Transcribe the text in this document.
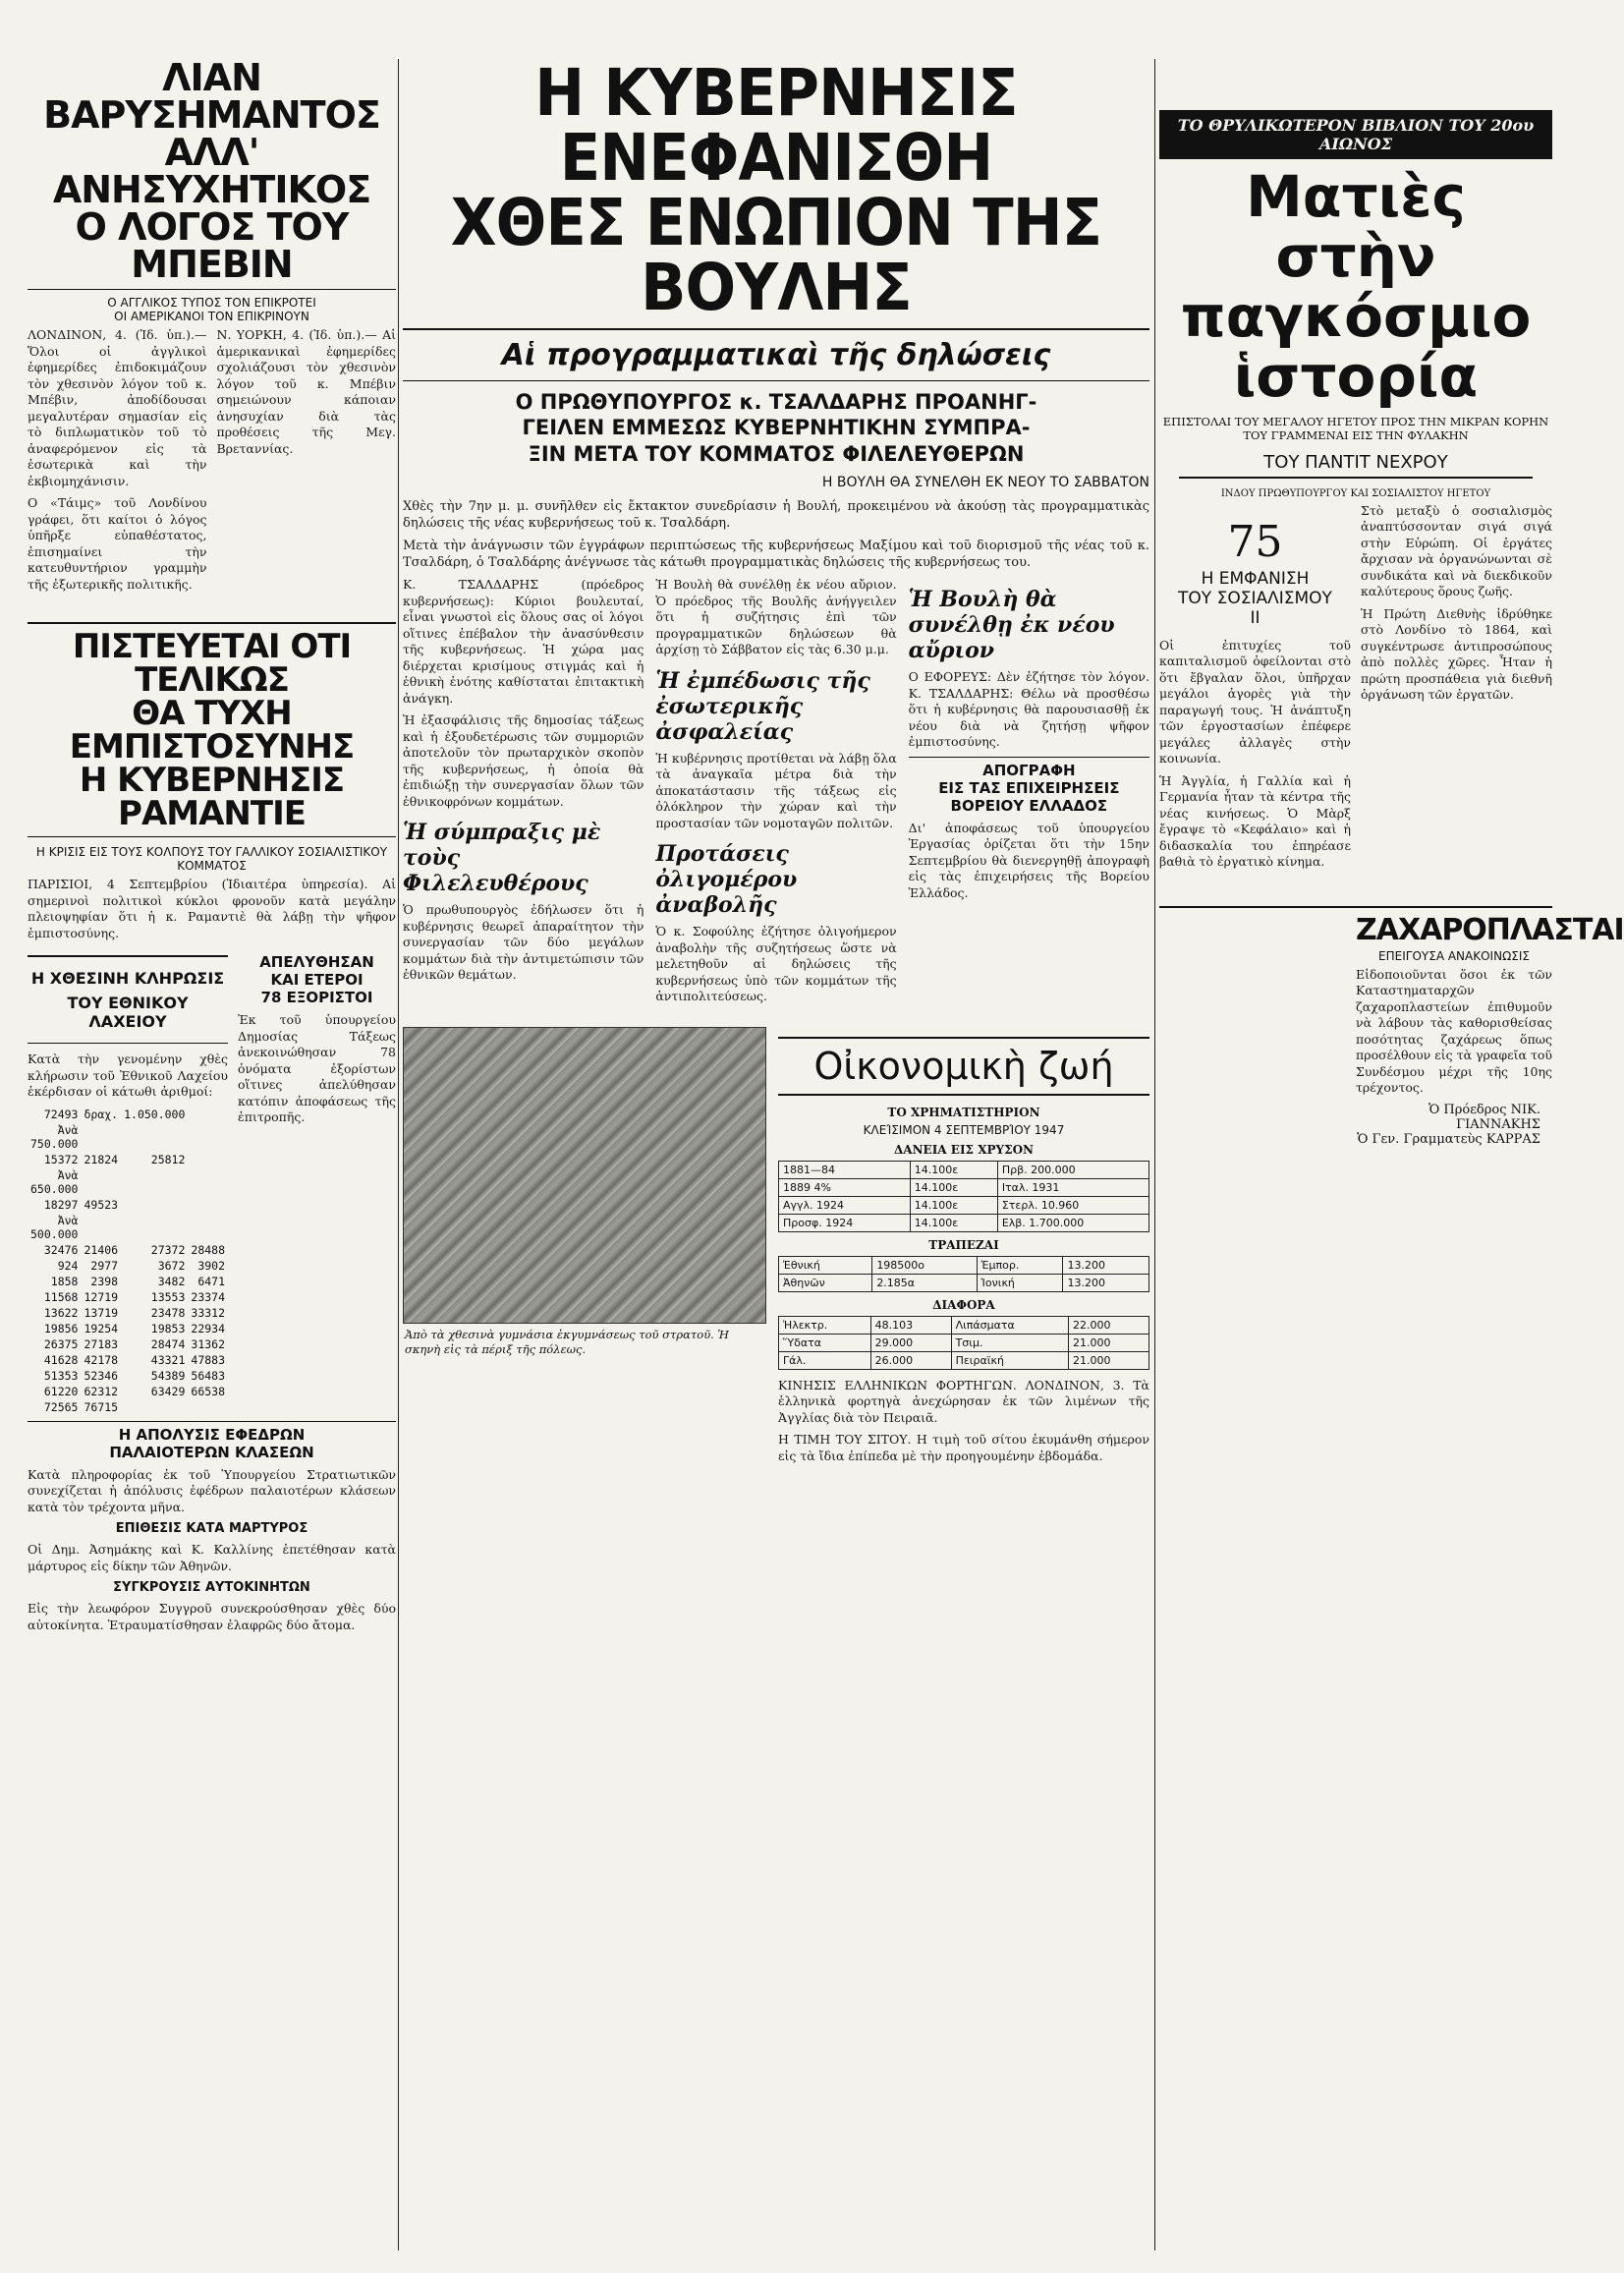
ΛΙΑΝ ΒΑΡΥΣΗΜΑΝΤΟΣ
ΑΛΛ' ΑΝΗΣΥΧΗΤΙΚΟΣ
Ο ΛΟΓΟΣ ΤΟΥ ΜΠΕΒΙΝ
Ο ΑΓΓΛΙΚΟΣ ΤΥΠΟΣ ΤΟΝ ΕΠΙΚΡΟΤΕΙ
ΟΙ ΑΜΕΡΙΚΑΝΟΙ ΤΟΝ ΕΠΙΚΡΙΝΟΥΝ

ΛΟΝΔΙΝΟΝ, 4. (Ἰδ. ὑπ.).— Ὅλοι οἱ ἀγγλικοὶ ἐφημερίδες ἐπιδοκιμάζουν τὸν χθεσινὸν λόγον τοῦ κ. Μπέβιν, ἀποδίδουσαι μεγαλυτέραν σημασίαν εἰς τὸ διπλωματικὸν τοῦ τὸ ἀναφερόμενον εἰς τὰ ἐσωτερικὰ καὶ τὴν ἐκβιομηχάνισιν.

Ο «Τάιμς» τοῦ Λονδίνου γράφει, ὅτι καίτοι ὁ λόγος ὑπῆρξε εὐπαθέστατος, ἐπισημαίνει τὴν κατευθυντήριον γραμμὴν τῆς ἐξωτερικῆς πολιτικῆς.

Ν. ΥΟΡΚΗ, 4. (Ἰδ. ὑπ.).— Αἱ ἀμερικανικαὶ ἐφημερίδες σχολιάζουσι τὸν χθεσινὸν λόγον τοῦ κ. Μπέβιν σημειώνουν κάποιαν ἀνησυχίαν διὰ τὰς προθέσεις τῆς Μεγ. Βρεταννίας.

ΠΙΣΤΕΥΕΤΑΙ ΟΤΙ ΤΕΛΙΚΩΣ
ΘΑ ΤΥΧΗ ΕΜΠΙΣΤΟΣΥΝΗΣ
Η ΚΥΒΕΡΝΗΣΙΣ ΡΑΜΑΝΤΙΕ
Η ΚΡΙΣΙΣ ΕΙΣ ΤΟΥΣ ΚΟΛΠΟΥΣ ΤΟΥ ΓΑΛΛΙΚΟΥ ΣΟΣΙΑΛΙΣΤΙΚΟΥ ΚΟΜΜΑΤΟΣ

ΠΑΡΙΣΙΟΙ, 4 Σεπτεμβρίου (Ἰδιαιτέρα ὑπηρεσία). Αἱ σημερινοὶ πολιτικοὶ κύκλοι φρονοῦν κατὰ μεγάλην πλειοψηφίαν ὅτι ἡ κ. Ραμαντιὲ θὰ λάβῃ τὴν ψῆφον ἐμπιστοσύνης.

Η ΧΘΕΣΙΝΗ ΚΛΗΡΩΣΙΣ
ΤΟΥ ΕΘΝΙΚΟΥ ΛΑΧΕΙΟΥ

Κατὰ τὴν γενομένην χθὲς κλήρωσιν τοῦ Ἐθνικοῦ Λαχείου ἐκέρδισαν οἱ κάτωθι ἀριθμοί:

72493	δραχ.	1.050.000	
Ἀνὰ 750.000			
15372	21824	25812	
Ἀνὰ 650.000			
18297	49523		
Ἀνὰ 500.000			
32476	21406	27372	28488
924	2977	3672	3902
1858	2398	3482	6471
11568	12719	13553	23374
13622	13719	23478	33312
19856	19254	19853	22934
26375	27183	28474	31362
41628	42178	43321	47883
51353	52346	54389	56483
61220	62312	63429	66538
72565	76715		
ΑΠΕΛΥΘΗΣΑΝ
ΚΑΙ ΕΤΕΡΟΙ
78 ΕΞΟΡΙΣΤΟΙ

Ἐκ τοῦ ὑπουργείου Δημοσίας Τάξεως ἀνεκοινώθησαν 78 ὀνόματα ἐξορίστων οἵτινες ἀπελύθησαν κατόπιν ἀποφάσεως τῆς ἐπιτροπῆς.

Η ΑΠΟΛΥΣΙΣ ΕΦΕΔΡΩΝ
ΠΑΛΑΙΟΤΕΡΩΝ ΚΛΑΣΕΩΝ

Κατὰ πληροφορίας ἐκ τοῦ Ὑπουργείου Στρατιωτικῶν συνεχίζεται ἡ ἀπόλυσις ἐφέδρων παλαιοτέρων κλάσεων κατὰ τὸν τρέχοντα μῆνα.

ΕΠΙΘΕΣΙΣ ΚΑΤΑ ΜΑΡΤΥΡΟΣ

Οἱ Δημ. Ἀσημάκης καὶ Κ. Καλλίνης ἐπετέθησαν κατὰ μάρτυρος εἰς δίκην τῶν Ἀθηνῶν.

ΣΥΓΚΡΟΥΣΙΣ ΑΥΤΟΚΙΝΗΤΩΝ

Εἰς τὴν λεωφόρον Συγγροῦ συνεκρούσθησαν χθὲς δύο αὐτοκίνητα. Ἐτραυματίσθησαν ἐλαφρῶς δύο ἄτομα.

Η ΚΥΒΕΡΝΗΣΙΣ ΕΝΕΦΑΝΙΣΘΗ
ΧΘΕΣ ΕΝΩΠΙΟΝ ΤΗΣ ΒΟΥΛΗΣ
Αἱ προγραμματικαὶ τῆς δηλώσεις
Ο ΠΡΩΘΥΠΟΥΡΓΟΣ κ. ΤΣΑΛΔΑΡΗΣ ΠΡΟΑΝΗΓ-
ΓΕΙΛΕΝ ΕΜΜΕΣΩΣ ΚΥΒΕΡΝΗΤΙΚΗΝ ΣΥΜΠΡΑ-
ΞΙΝ ΜΕΤΑ ΤΟΥ ΚΟΜΜΑΤΟΣ ΦΙΛΕΛΕΥΘΕΡΩΝ
Η ΒΟΥΛΗ ΘΑ ΣΥΝΕΛΘΗ ΕΚ ΝΕΟΥ ΤΟ ΣΑΒΒΑΤΟΝ

Χθὲς τὴν 7ην μ. μ. συνῆλθεν εἰς ἔκτακτον συνεδρίασιν ἡ Βουλή, προκειμένου νὰ ἀκούσῃ τὰς προγραμματικὰς δηλώσεις τῆς νέας κυβερνήσεως τοῦ κ. Τσαλδάρη.

Μετὰ τὴν ἀνάγνωσιν τῶν ἐγγράφων περιπτώσεως τῆς κυβερνήσεως Μαξίμου καὶ τοῦ διορισμοῦ τῆς νέας τοῦ κ. Τσαλδάρη, ὁ Τσαλδάρης ἀνέγνωσε τὰς κάτωθι προγραμματικὰς δηλώσεις τῆς κυβερνήσεως του.

Κ. ΤΣΑΛΔΑΡΗΣ (πρόεδρος κυβερνήσεως): Κύριοι βουλευταί, εἶναι γνωστοὶ εἰς ὅλους σας οἱ λόγοι οἵτινες ἐπέβαλον τὴν ἀνασύνθεσιν τῆς κυβερνήσεως. Ἡ χώρα μας διέρχεται κρισίμους στιγμάς καὶ ἡ ἐθνικὴ ἐνότης καθίσταται ἐπιτακτικὴ ἀνάγκη.

Ἡ ἐξασφάλισις τῆς δημοσίας τάξεως καὶ ἡ ἐξουδετέρωσις τῶν συμμοριῶν ἀποτελοῦν τὸν πρωταρχικὸν σκοπὸν τῆς κυβερνήσεως, ἡ ὁποία θὰ ἐπιδιώξῃ τὴν συνεργασίαν ὅλων τῶν ἐθνικοφρόνων κομμάτων.

Ἡ σύμπραξις μὲ τοὺς Φιλελευθέρους

Ὁ πρωθυπουργὸς ἐδήλωσεν ὅτι ἡ κυβέρνησις θεωρεῖ ἀπαραίτητον τὴν συνεργασίαν τῶν δύο μεγάλων κομμάτων διὰ τὴν ἀντιμετώπισιν τῶν ἐθνικῶν θεμάτων.

Ἡ Βουλὴ θὰ συνέλθῃ ἐκ νέου αὔριον. Ὁ πρόεδρος τῆς Βουλῆς ἀνήγγειλεν ὅτι ἡ συζήτησις ἐπὶ τῶν προγραμματικῶν δηλώσεων θὰ ἀρχίσῃ τὸ Σάββατον εἰς τὰς 6.30 μ.μ.

Ἡ ἐμπέδωσις τῆς ἐσωτερικῆς ἀσφαλείας

Ἡ κυβέρνησις προτίθεται νὰ λάβῃ ὅλα τὰ ἀναγκαῖα μέτρα διὰ τὴν ἀποκατάστασιν τῆς τάξεως εἰς ὁλόκληρον τὴν χώραν καὶ τὴν προστασίαν τῶν νομοταγῶν πολιτῶν.

Προτάσεις ὀλιγομέρου ἀναβολῆς

Ὁ κ. Σοφούλης ἐζήτησε ὀλιγοήμερον ἀναβολὴν τῆς συζητήσεως ὥστε νὰ μελετηθοῦν αἱ δηλώσεις τῆς κυβερνήσεως ὑπὸ τῶν κομμάτων τῆς ἀντιπολιτεύσεως.

Ἡ Βουλὴ θὰ συνέλθῃ ἐκ νέου αὔριον

Ο ΕΦΟΡΕΥΣ: Δὲν ἐζήτησε τὸν λόγον. Κ. ΤΣΑΛΔΑΡΗΣ: Θέλω νὰ προσθέσω ὅτι ἡ κυβέρνησις θὰ παρουσιασθῇ ἐκ νέου διὰ νὰ ζητήσῃ ψῆφον ἐμπιστοσύνης.

ΑΠΟΓΡΑΦΗ
ΕΙΣ ΤΑΣ ΕΠΙΧΕΙΡΗΣΕΙΣ
ΒΟΡΕΙΟΥ ΕΛΛΑΔΟΣ

Δι' ἀποφάσεως τοῦ ὑπουργείου Ἐργασίας ὁρίζεται ὅτι τὴν 15ην Σεπτεμβρίου θὰ διενεργηθῇ ἀπογραφὴ εἰς τὰς ἐπιχειρήσεις τῆς Βορείου Ἑλλάδος.

Ἀπὸ τὰ χθεσινὰ γυμνάσια ἐκγυμνάσεως τοῦ στρατοῦ. Ἡ σκηνὴ εἰς τὰ πέριξ τῆς πόλεως.
Οἰκονομικὴ ζωή
ΤΟ ΧΡΗΜΑΤΙΣΤΗΡΙΟΝ
ΚΛΕΊΣΙΜΟΝ 4 ΣΕΠΤΕΜΒΡΊΟΥ 1947
ΔΑΝΕΙΑ ΕΙΣ ΧΡΥΣΟΝ
1881—84	14.100ε	Πρβ. 200.000
1889 4%	14.100ε	Ιταλ. 1931
Αγγλ. 1924	14.100ε	Στερλ. 10.960
Προσφ. 1924	14.100ε	Ελβ. 1.700.000
ΤΡΑΠΕΖΑΙ
Ἐθνική	198500ο	Ἐμπορ.	13.200
Ἀθηνῶν	2.185α	Ἰονική	13.200
ΔΙΑΦΟΡΑ
Ἠλεκτρ.	48.103	Λιπάσματα	22.000
Ὕδατα	29.000	Τσιμ.	21.000
Γάλ.	26.000	Πειραϊκή	21.000

ΚΙΝΗΣΙΣ ΕΛΛΗΝΙΚΩΝ ΦΟΡΤΗΓΩΝ. ΛΟΝΔΙΝΟΝ, 3. Τὰ ἑλληνικὰ φορτηγὰ ἀνεχώρησαν ἐκ τῶν λιμένων τῆς Ἀγγλίας διὰ τὸν Πειραιᾶ.

Η ΤΙΜΗ ΤΟΥ ΣΙΤΟΥ. Η τιμὴ τοῦ σίτου ἐκυμάνθη σήμερον εἰς τὰ ἴδια ἐπίπεδα μὲ τὴν προηγουμένην ἑβδομάδα.

ΤΟ ΘΡΥΛΙΚΩΤΕΡΟΝ ΒΙΒΛΙΟΝ ΤΟΥ 20ου ΑΙΩΝΟΣ
Ματιὲς στὴν
παγκόσμιο
ἱστορία
ΕΠΙΣΤΟΛΑΙ ΤΟΥ ΜΕΓΑΛΟΥ ΗΓΕΤΟΥ ΠΡΟΣ ΤΗΝ ΜΙΚΡΑΝ ΚΟΡΗΝ ΤΟΥ ΓΡΑΜΜΕΝΑΙ ΕΙΣ ΤΗΝ ΦΥΛΑΚΗΝ
ΤΟΥ ΠΑΝΤΙΤ ΝΕΧΡΟΥ
ΙΝΔΟΥ ΠΡΩΘΥΠΟΥΡΓΟΥ ΚΑΙ ΣΟΣΙΑΛΙΣΤΟΥ ΗΓΕΤΟΥ
75
Η ΕΜΦΑΝΙΣΗ
ΤΟΥ ΣΟΣΙΑΛΙΣΜΟΥ
ΙΙ

Οἱ ἐπιτυχίες τοῦ καπιταλισμοῦ ὀφείλονται στὸ ὅτι ἔβγαλαν ὅλοι, ὑπῆρχαν μεγάλοι ἀγορὲς γιὰ τὴν παραγωγή τους. Ἡ ἀνάπτυξη τῶν ἐργοστασίων ἐπέφερε μεγάλες ἀλλαγὲς στὴν κοινωνία.

Ἡ Ἀγγλία, ἡ Γαλλία καὶ ἡ Γερμανία ἦταν τὰ κέντρα τῆς νέας κινήσεως. Ὁ Μὰρξ ἔγραψε τὸ «Κεφάλαιο» καὶ ἡ διδασκαλία του ἐπηρέασε βαθιὰ τὸ ἐργατικὸ κίνημα.

Στὸ μεταξὺ ὁ σοσιαλισμὸς ἀναπτύσσονταν σιγά σιγά στὴν Εὐρώπη. Οἱ ἐργάτες ἄρχισαν νὰ ὀργανώνωνται σὲ συνδικάτα καὶ νὰ διεκδικοῦν καλύτερους ὅρους ζωῆς.

Ἡ Πρώτη Διεθνὴς ἱδρύθηκε στὸ Λονδίνο τὸ 1864, καὶ συγκέντρωσε ἀντιπροσώπους ἀπὸ πολλὲς χῶρες. Ἦταν ἡ πρώτη προσπάθεια γιὰ διεθνῆ ὀργάνωση τῶν ἐργατῶν.

ΖΑΧΑΡΟΠΛΑΣΤΑΙ
ΕΠΕΙΓΟΥΣΑ ΑΝΑΚΟΙΝΩΣΙΣ

Εἰδοποιοῦνται ὅσοι ἐκ τῶν Καταστηματαρχῶν ζαχαροπλαστείων ἐπιθυμοῦν νὰ λάβουν τὰς καθορισθείσας ποσότητας ζαχάρεως ὅπως προσέλθουν εἰς τὰ γραφεῖα τοῦ Συνδέσμου μέχρι τῆς 10ης τρέχοντος.

Ὁ Πρόεδρος ΝΙΚ. ΓΙΑΝΝΑΚΗΣ
Ὁ Γεν. Γραμματεὺς ΚΑΡΡΑΣ
